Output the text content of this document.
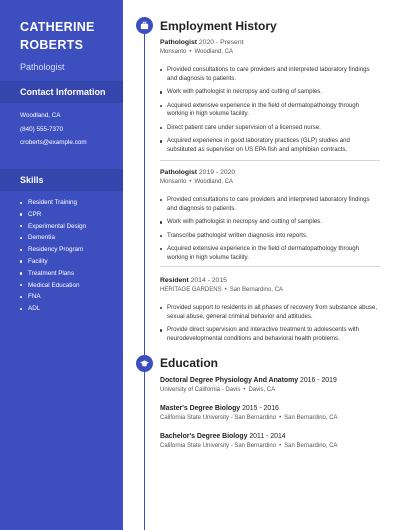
CATHERINE
ROBERTS
Pathologist
Contact Information
Woodland, CA
(840) 555-7370
croberts@example.com
Skills
Resident Training
CPR
Experimental Design
Dementia
Residency Program
Facility
Treatment Plans
Medical Education
FNA
ADL
Employment History
Pathologist 2020 - Present
Monsanto • Woodland, CA
Provided consultations to care providers and interpreted laboratory findings and diagnosis to patients.
Work with pathologist in necropsy and cutting of samples.
Acquired extensive experience in the field of dermatopathology through working in high volume facility.
Direct patient care under supervision of a licensed nurse.
Acquired experience in good laboratory practices (GLP) studies and substituted as supervisor on US EPA fish and amphibian contracts.
Pathologist 2019 - 2020
Monsanto • Woodland, CA
Provided consultations to care providers and interpreted laboratory findings and diagnosis to patients.
Work with pathologist in necropsy and cutting of samples.
Transcribe pathologist written diagnosis into reports.
Acquired extensive experience in the field of dermatopathology through working in high volume facility.
Resident 2014 - 2015
HERITAGE GARDENS • San Bernardino, CA
Provided support to residents in all phases of recovery from substance abuse, sexual abuse, general criminal behavior and attitudes.
Provide direct supervision and interactive treatment to adolescents with neurodevelopmental conditions and behavioral health problems.
Education
Doctoral Degree Physiology And Anatomy 2016 - 2019
University of California - Davis • Davis, CA
Master's Degree Biology 2015 - 2016
California State University - San Bernardino • San Bernardino, CA
Bachelor's Degree Biology 2011 - 2014
California State University - San Bernardino • San Bernardino, CA
